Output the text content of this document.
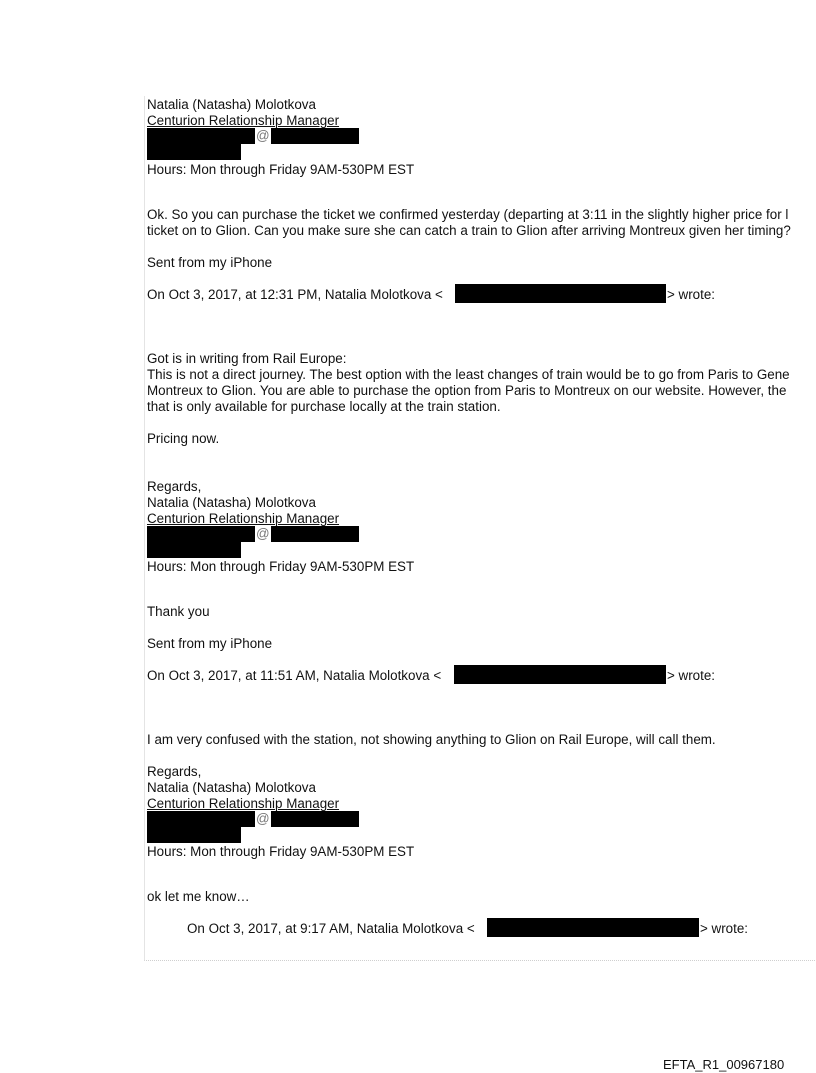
Natalia (Natasha) Molotkova
Centurion Relationship Manager
@
Hours: Mon through Friday 9AM-530PM EST
Ok. So you can purchase the ticket we confirmed yesterday (departing at 3:11 in the slightly higher price for l
ticket on to Glion. Can you make sure she can catch a train to Glion after arriving Montreux given her timing?
Sent from my iPhone
On Oct 3, 2017, at 12:31 PM, Natalia Molotkova <	> wrote:
Got is in writing from Rail Europe:
This is not a direct journey. The best option with the least changes of train would be to go from Paris to Gene
Montreux to Glion. You are able to purchase the option from Paris to Montreux on our website. However, the
that is only available for purchase locally at the train station.
Pricing now.
Regards,
Natalia (Natasha) Molotkova
Centurion Relationship Manager
@
Hours: Mon through Friday 9AM-530PM EST
Thank you
Sent from my iPhone
On Oct 3, 2017, at 11:51 AM, Natalia Molotkova <	> wrote:
I am very confused with the station, not showing anything to Glion on Rail Europe, will call them.
Regards,
Natalia (Natasha) Molotkova
Centurion Relationship Manager
@
Hours: Mon through Friday 9AM-530PM EST
ok let me know…
On Oct 3, 2017, at 9:17 AM, Natalia Molotkova <	> wrote:
EFTA_R1_00967180
